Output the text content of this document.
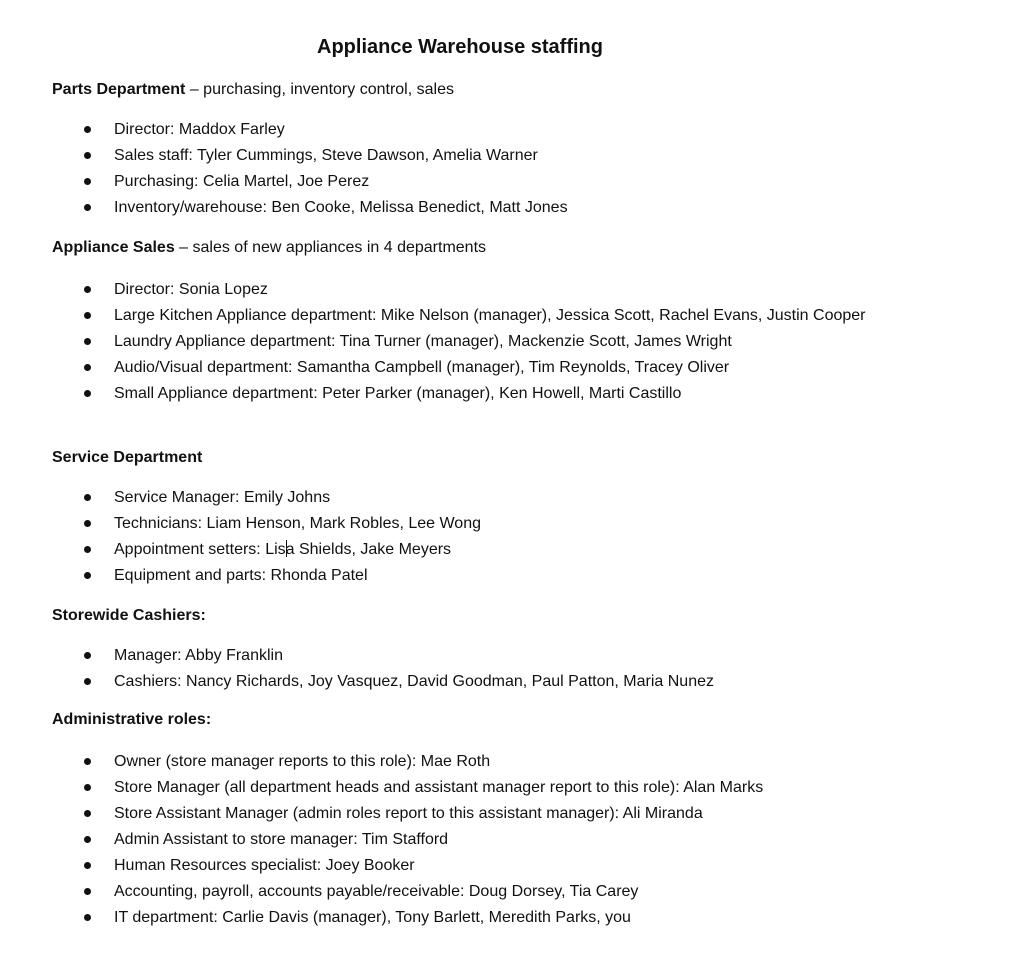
Appliance Warehouse staffing

Parts Department – purchasing, inventory control, sales

Director: Maddox Farley
Sales staff: Tyler Cummings, Steve Dawson, Amelia Warner
Purchasing: Celia Martel, Joe Perez
Inventory/warehouse: Ben Cooke, Melissa Benedict, Matt Jones

Appliance Sales – sales of new appliances in 4 departments

Director: Sonia Lopez
Large Kitchen Appliance department: Mike Nelson (manager), Jessica Scott, Rachel Evans, Justin Cooper
Laundry Appliance department: Tina Turner (manager), Mackenzie Scott, James Wright
Audio/Visual department: Samantha Campbell (manager), Tim Reynolds, Tracey Oliver
Small Appliance department: Peter Parker (manager), Ken Howell, Marti Castillo

Service Department

Service Manager: Emily Johns
Technicians: Liam Henson, Mark Robles, Lee Wong
Appointment setters: Lisa Shields, Jake Meyers
Equipment and parts: Rhonda Patel

Storewide Cashiers:

Manager: Abby Franklin
Cashiers: Nancy Richards, Joy Vasquez, David Goodman, Paul Patton, Maria Nunez

Administrative roles:

Owner (store manager reports to this role): Mae Roth
Store Manager (all department heads and assistant manager report to this role): Alan Marks
Store Assistant Manager (admin roles report to this assistant manager): Ali Miranda
Admin Assistant to store manager: Tim Stafford
Human Resources specialist: Joey Booker
Accounting, payroll, accounts payable/receivable: Doug Dorsey, Tia Carey
IT department: Carlie Davis (manager), Tony Barlett, Meredith Parks, you
